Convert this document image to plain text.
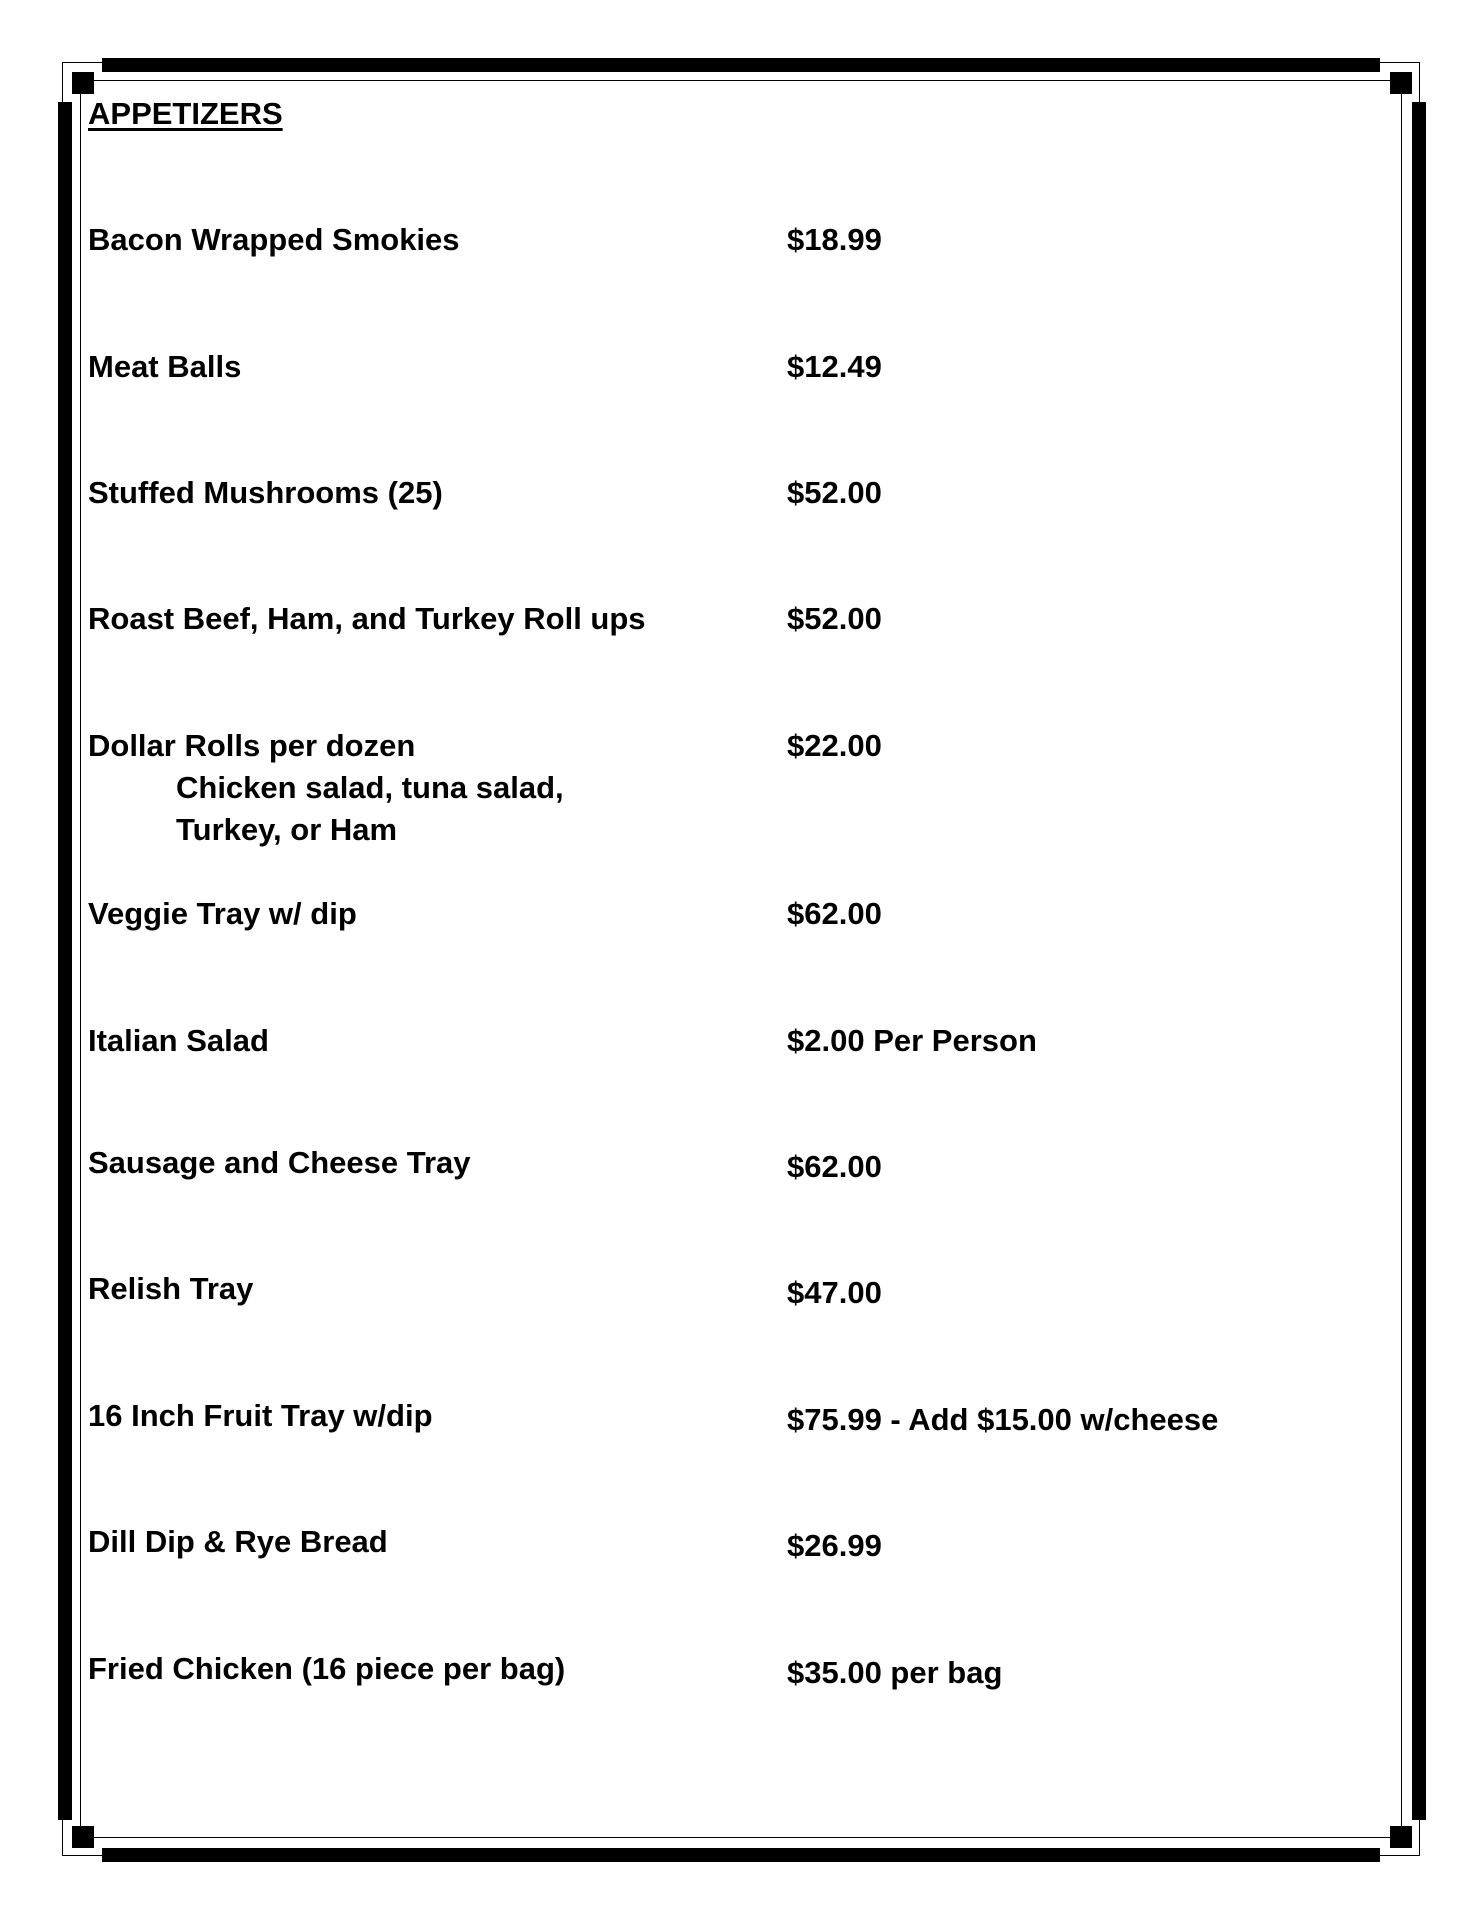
APPETIZERS

Bacon Wrapped Smokies	$18.99

Meat Balls	$12.49

Stuffed Mushrooms (25)	$52.00

Roast Beef, Ham, and Turkey Roll ups	$52.00

Dollar Rolls per dozen	$22.00

Chicken salad, tuna salad,

Turkey, or Ham

Veggie Tray w/ dip	$62.00

Italian Salad	$2.00 Per Person

Sausage and Cheese Tray	$62.00

Relish Tray	$47.00

16 Inch Fruit Tray w/dip	$75.99 - Add $15.00 w/cheese

Dill Dip & Rye Bread	$26.99

Fried Chicken (16 piece per bag)	$35.00 per bag
